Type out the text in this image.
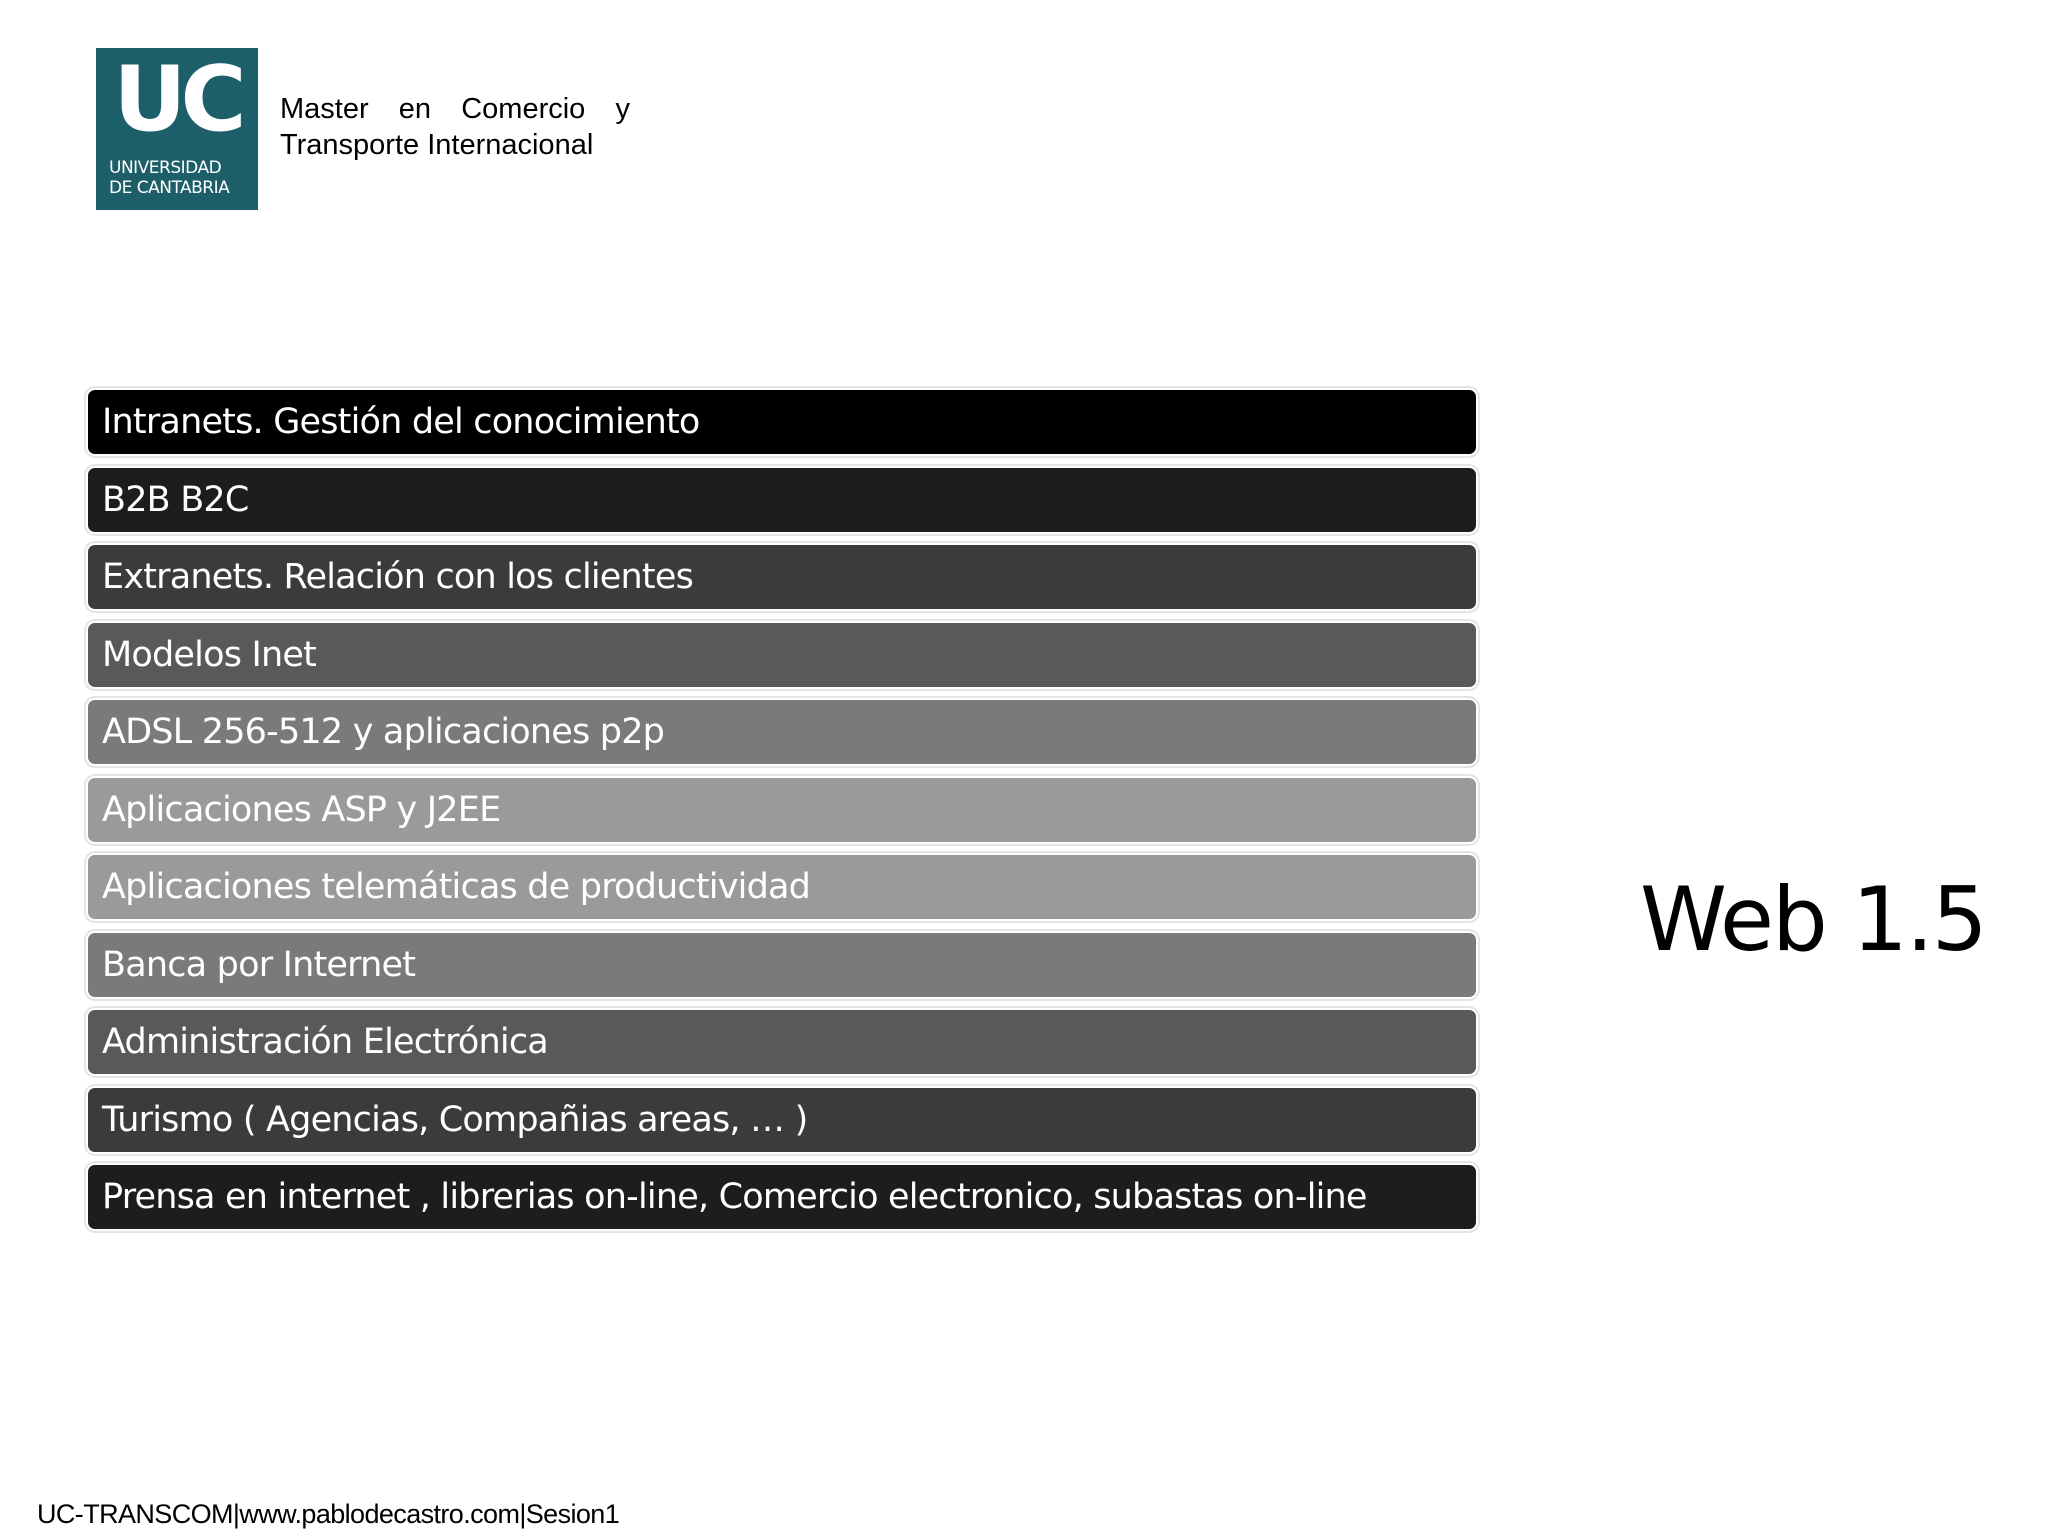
UC
UNIVERSIDAD
DE CANTABRIA
Master en Comercio y
Transporte Internacional
Intranets. Gestión del conocimiento
B2B B2C
Extranets. Relación con los clientes
Modelos Inet
ADSL 256-512 y aplicaciones p2p
Aplicaciones ASP y J2EE
Aplicaciones telemáticas de productividad
Banca por Internet
Administración Electrónica
Turismo ( Agencias, Compañias areas, … )
Prensa en internet , librerias on-line, Comercio electronico, subastas on-line
Web 1.5
UC-TRANSCOM|www.pablodecastro.com|Sesion1
